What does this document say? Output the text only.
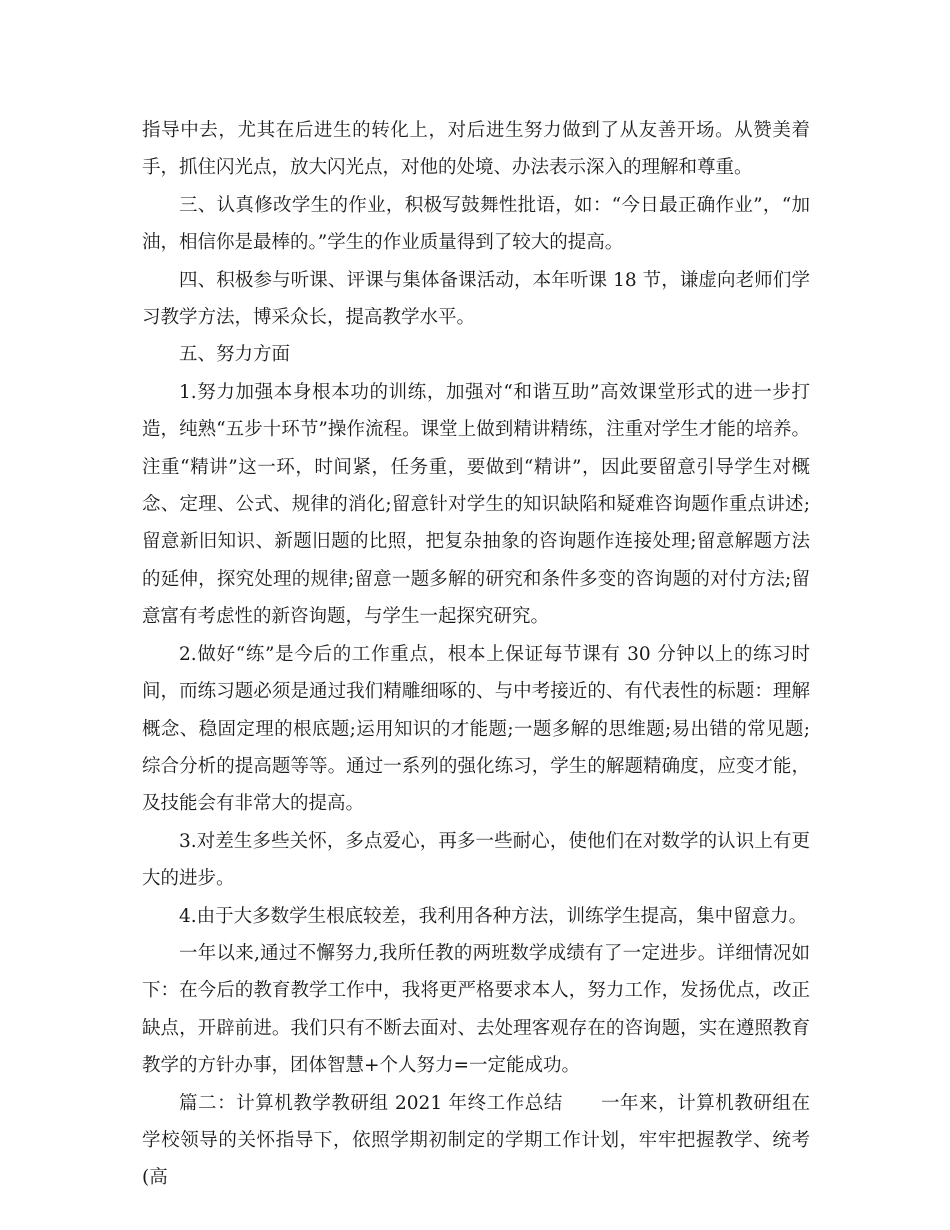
指导中去，尤其在后进生的转化上，对后进生努力做到了从友善开场。从赞美着手，抓住闪光点，放大闪光点，对他的处境、办法表示深入的理解和尊重。

三、认真修改学生的作业，积极写鼓舞性批语，如：“今日最正确作业”，“加油，相信你是最棒的。”学生的作业质量得到了较大的提高。

四、积极参与听课、评课与集体备课活动，本年听课 18 节，谦虚向老师们学习教学方法，博采众长，提高教学水平。

五、努力方面

1.努力加强本身根本功的训练，加强对“和谐互助”高效课堂形式的进一步打造，纯熟“五步十环节”操作流程。课堂上做到精讲精练，注重对学生才能的培养。注重“精讲”这一环，时间紧，任务重，要做到“精讲”，因此要留意引导学生对概念、定理、公式、规律的消化;留意针对学生的知识缺陷和疑难咨询题作重点讲述;留意新旧知识、新题旧题的比照，把复杂抽象的咨询题作连接处理;留意解题方法的延伸，探究处理的规律;留意一题多解的研究和条件多变的咨询题的对付方法;留意富有考虑性的新咨询题，与学生一起探究研究。

2.做好“练”是今后的工作重点，根本上保证每节课有 30 分钟以上的练习时间，而练习题必须是通过我们精雕细啄的、与中考接近的、有代表性的标题：理解概念、稳固定理的根底题;运用知识的才能题;一题多解的思维题;易出错的常见题;综合分析的提高题等等。通过一系列的强化练习，学生的解题精确度，应变才能，及技能会有非常大的提高。

3.对差生多些关怀，多点爱心，再多一些耐心，使他们在对数学的认识上有更大的进步。

4.由于大多数学生根底较差，我利用各种方法，训练学生提高，集中留意力。

一年以来,通过不懈努力,我所任教的两班数学成绩有了一定进步。详细情况如下：在今后的教育教学工作中，我将更严格要求本人，努力工作，发扬优点，改正缺点，开辟前进。我们只有不断去面对、去处理客观存在的咨询题，实在遵照教育教学的方针办事，团体智慧+个人努力=一定能成功。

篇二：计算机教学教研组 2021 年终工作总结　　一年来，计算机教研组在学校领导的关怀指导下，依照学期初制定的学期工作计划，牢牢把握教学、统考(高
